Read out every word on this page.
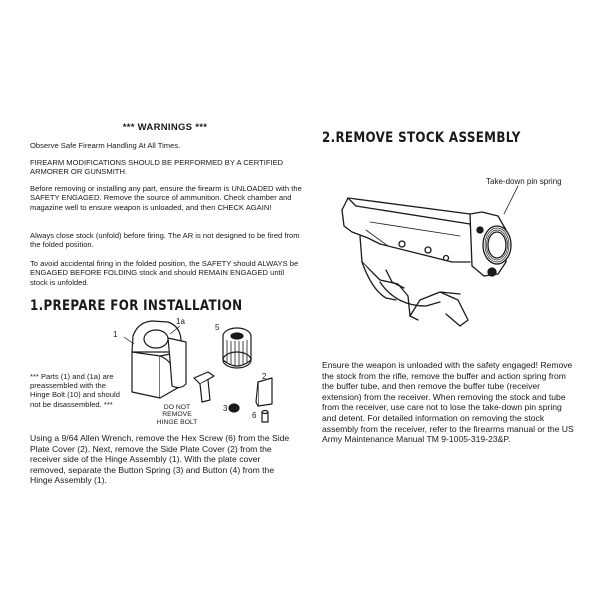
*** WARNINGS ***

Observe Safe Firearm Handling At All Times.

FIREARM MODIFICATIONS SHOULD BE PERFORMED BY A CERTIFIED ARMORER OR GUNSMITH.

Before removing or installing any part, ensure the firearm is UNLOADED with the SAFETY ENGAGED. Remove the source of ammunition. Check chamber and magazine well to ensure weapon is unloaded, and then CHECK AGAIN!

Always close stock (unfold) before firing. The AR is not designed to be fired from the folded position.

To avoid accidental firing in the folded position, the SAFETY should ALWAYS be ENGAGED BEFORE FOLDING stock and should REMAIN ENGAGED until stock is unfolded.

1.PREPARE FOR INSTALLATION
1
1a
5
2
3
6
*** Parts (1) and (1a) are preassembled with the Hinge Bolt (10) and should not be disassembled. ***	DO NOT REMOVE HINGE BOLT

Using a 9/64 Allen Wrench, remove the Hex Screw (6) from the Side Plate Cover (2). Next, remove the Side Plate Cover (2) from the receiver side of the Hinge Assembly (1). With the plate cover removed, separate the Button Spring (3) and Button (4) from the Hinge Assembly (1).

2.REMOVE STOCK ASSEMBLY
Take-down pin spring

Ensure the weapon is unloaded with the safety engaged! Remove the stock from the rifle, remove the buffer and action spring from the buffer tube, and then remove the buffer tube (receiver extension) from the receiver. When removing the stock and tube from the receiver, use care not to lose the take-down pin spring and detent. For detailed information on removing the stock assembly from the receiver, refer to the firearms manual or the US Army Maintenance Manual TM 9-1005-319-23&P.
